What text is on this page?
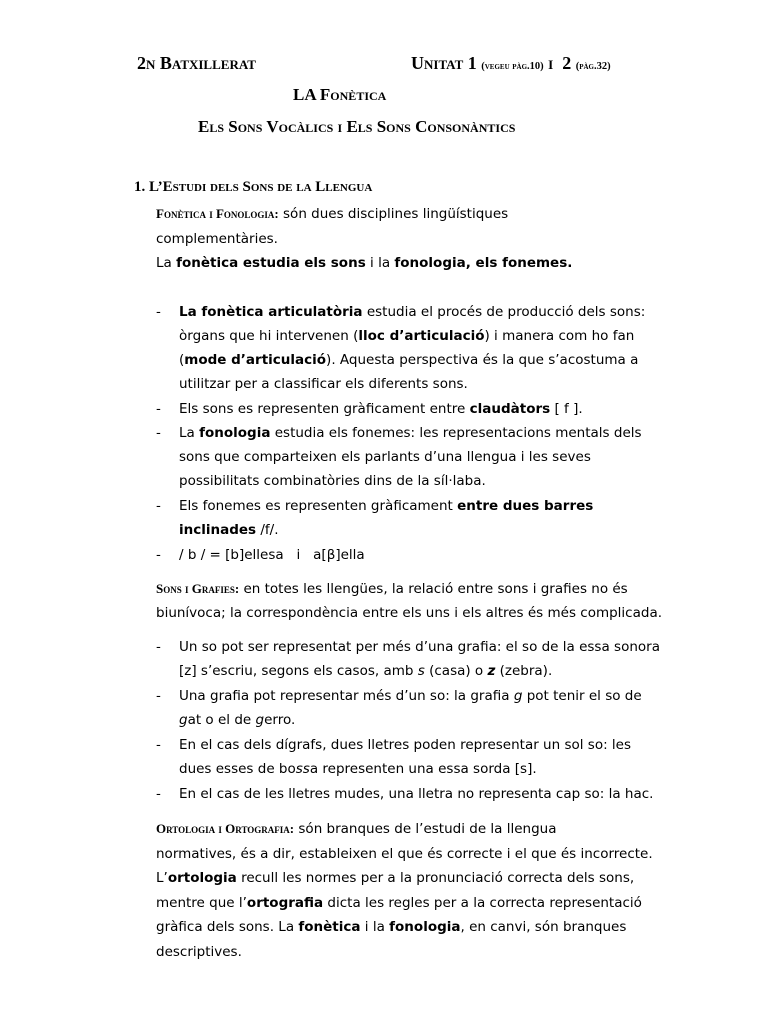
2n Batxillerat	Unitat 1 (vegeu pàg.10) i 2 (pàg.32)
LA Fonètica
Els Sons Vocàlics i Els Sons Consonàntics
1. L’Estudi dels Sons de la Llengua
Fonètica i Fonologia: són dues disciplines lingüístiques
complementàries.
La fonètica estudia els sons i la fonologia, els fonemes.
- La fonètica articulatòria estudia el procés de producció dels sons:
òrgans que hi intervenen (lloc d’articulació) i manera com ho fan
(mode d’articulació). Aquesta perspectiva és la que s’acostuma a
utilitzar per a classificar els diferents sons.
- Els sons es representen gràficament entre claudàtors [ f ].
- La fonologia estudia els fonemes: les representacions mentals dels
sons que comparteixen els parlants d’una llengua i les seves
possibilitats combinatòries dins de la síl·laba.
- Els fonemes es representen gràficament entre dues barres
inclinades /f/.
- / b / = [b]ellesa   i   a[β]ella
Sons i Grafies: en totes les llengües, la relació entre sons i grafies no és
biunívoca; la correspondència entre els uns i els altres és més complicada.
- Un so pot ser representat per més d’una grafia: el so de la essa sonora
[z] s’escriu, segons els casos, amb s (casa) o z (zebra).
- Una grafia pot representar més d’un so: la grafia g pot tenir el so de
gat o el de gerro.
- En el cas dels dígrafs, dues lletres poden representar un sol so: les
dues esses de bossa representen una essa sorda [s].
- En el cas de les lletres mudes, una lletra no representa cap so: la hac.
Ortologia i Ortografia: són branques de l’estudi de la llengua
normatives, és a dir, estableixen el que és correcte i el que és incorrecte.
L’ortologia recull les normes per a la pronunciació correcta dels sons,
mentre que l’ortografia dicta les regles per a la correcta representació
gràfica dels sons. La fonètica i la fonologia, en canvi, són branques
descriptives.
